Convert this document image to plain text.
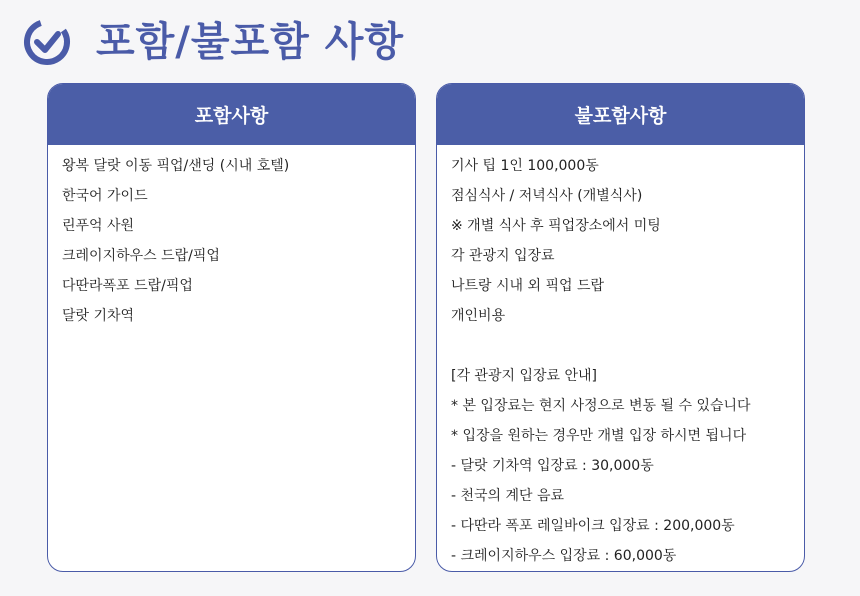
포함/불포함 사항
포함사항
왕복 달랏 이동 픽업/샌딩 (시내 호텔)
한국어 가이드
린푸억 사원
크레이지하우스 드랍/픽업
다딴라폭포 드랍/픽업
달랏 기차역
불포함사항
기사 팁 1인 100,000동
점심식사 / 저녁식사 (개별식사)
※ 개별 식사 후 픽업장소에서 미팅
각 관광지 입장료
나트랑 시내 외 픽업 드랍
개인비용
[각 관광지 입장료 안내]
* 본 입장료는 현지 사정으로 변동 될 수 있습니다
* 입장을 원하는 경우만 개별 입장 하시면 됩니다
- 달랏 기차역 입장료 : 30,000동
- 천국의 계단 음료
- 다딴라 폭포 레일바이크 입장료 : 200,000동
- 크레이지하우스 입장료 : 60,000동
